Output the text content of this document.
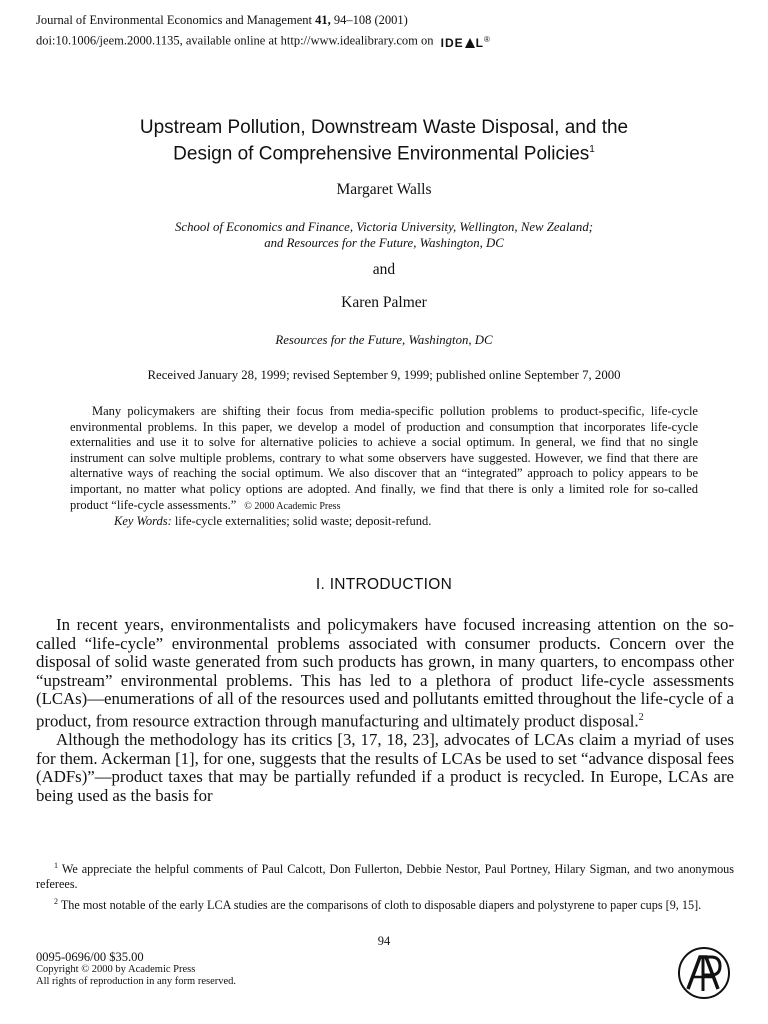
Journal of Environmental Economics and Management 41, 94–108 (2001)
doi:10.1006/jeem.2000.1135, available online at http://www.idealibrary.com on IDE L®
Upstream Pollution, Downstream Waste Disposal, and the
Design of Comprehensive Environmental Policies$^1$
Margaret Walls
School of Economics and Finance, Victoria University, Wellington, New Zealand;
and Resources for the Future, Washington, DC
and
Karen Palmer
Resources for the Future, Washington, DC
Received January 28, 1999; revised September 9, 1999; published online September 7, 2000

Many policymakers are shifting their focus from media-specific pollution problems to product-specific, life-cycle environmental problems. In this paper, we develop a model of production and consumption that incorporates life-cycle externalities and use it to solve for alternative policies to achieve a social optimum. In general, we find that no single instrument can solve multiple problems, contrary to what some observers have suggested. However, we find that there are alternative ways of reaching the social optimum. We also discover that an “integrated” approach to policy appears to be important, no matter what policy options are adopted. And finally, we find that there is only a limited role for so-called product “life-cycle assessments.” © 2000 Academic Press

Key Words: life-cycle externalities; solid waste; deposit-refund.

I. INTRODUCTION

In recent years, environmentalists and policymakers have focused increasing attention on the so-called “life-cycle” environmental problems associated with consumer products. Concern over the disposal of solid waste generated from such products has grown, in many quarters, to encompass other “upstream” environmental problems. This has led to a plethora of product life-cycle assessments (LCAs)—enumerations of all of the resources used and pollutants emitted throughout the life-cycle of a product, from resource extraction through manufacturing and ultimately product disposal.$^2$

Although the methodology has its critics [3, 17, 18, 23], advocates of LCAs claim a myriad of uses for them. Ackerman [1], for one, suggests that the results of LCAs be used to set “advance disposal fees (ADFs)”—product taxes that may be partially refunded if a product is recycled. In Europe, LCAs are being used as the basis for

$^1$ We appreciate the helpful comments of Paul Calcott, Don Fullerton, Debbie Nestor, Paul Portney, Hilary Sigman, and two anonymous referees.

$^2$ The most notable of the early LCA studies are the comparisons of cloth to disposable diapers and polystyrene to paper cups [9, 15].

94
0095-0696/00 $35.00
Copyright © 2000 by Academic Press
All rights of reproduction in any form reserved.
